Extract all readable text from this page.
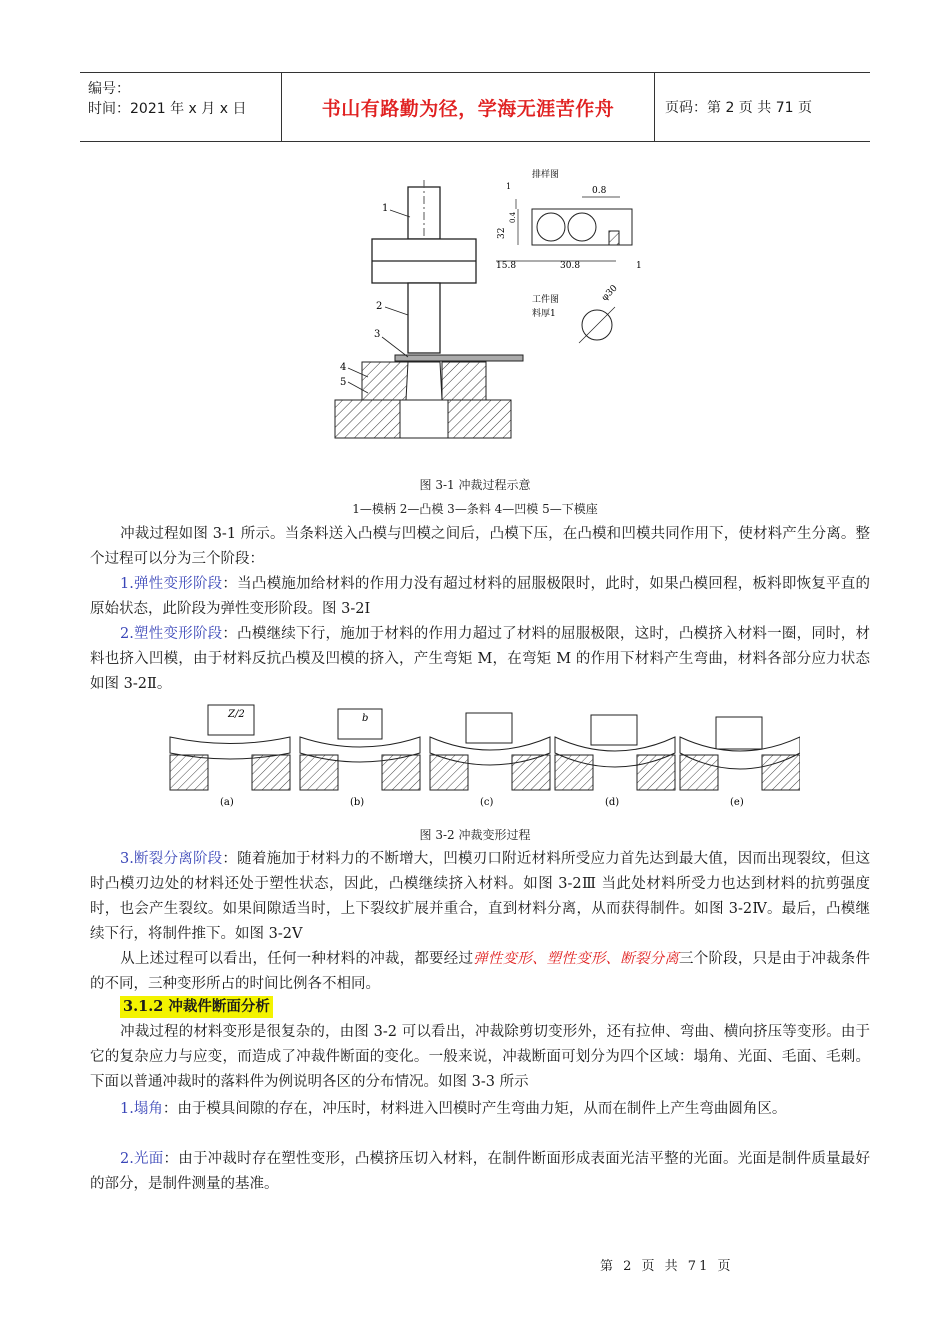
编号：
时间：2021 年 x 月 x 日	书山有路勤为径，学海无涯苦作舟	页码：第 2 页 共 71 页
1
2
3
4
5
排样图
1	0.8
32
0.4
15.8	30.8	1
工件图
料厚1
φ30
图 3-1 冲裁过程示意
1—模柄 2—凸模 3—条料 4—凹模 5—下模座
冲裁过程如图 3-1 所示。当条料送入凸模与凹模之间后，凸模下压，在凸模和凹模共同作用下，使材料产生分离。整个过程可以分为三个阶段：
1.弹性变形阶段：当凸模施加给材料的作用力没有超过材料的屈服极限时，此时，如果凸模回程，板料即恢复平直的原始状态，此阶段为弹性变形阶段。图 3-2Ⅰ
2.塑性变形阶段：凸模继续下行，施加于材料的作用力超过了材料的屈服极限，这时，凸模挤入材料一圈，同时，材料也挤入凹模，由于材料反抗凸模及凹模的挤入，产生弯矩 M，在弯矩 M 的作用下材料产生弯曲，材料各部分应力状态如图 3-2Ⅱ。
Z/2
(a)
b
(b)	(c)	(d)	(e)
图 3-2 冲裁变形过程
3.断裂分离阶段：随着施加于材料力的不断增大，凹模刃口附近材料所受应力首先达到最大值，因而出现裂纹，但这时凸模刃边处的材料还处于塑性状态，因此，凸模继续挤入材料。如图 3-2Ⅲ 当此处材料所受力也达到材料的抗剪强度时，也会产生裂纹。如果间隙适当时，上下裂纹扩展并重合，直到材料分离，从而获得制件。如图 3-2Ⅳ。最后，凸模继续下行，将制件推下。如图 3-2Ⅴ
从上述过程可以看出，任何一种材料的冲裁，都要经过弹性变形、塑性变形、断裂分离三个阶段，只是由于冲裁条件的不同，三种变形所占的时间比例各不相同。
3.1.2 冲裁件断面分析
冲裁过程的材料变形是很复杂的，由图 3-2 可以看出，冲裁除剪切变形外，还有拉伸、弯曲、横向挤压等变形。由于它的复杂应力与应变，而造成了冲裁件断面的变化。一般来说，冲裁断面可划分为四个区域：塌角、光面、毛面、毛刺。下面以普通冲裁时的落料件为例说明各区的分布情况。如图 3-3 所示
1.塌角：由于模具间隙的存在，冲压时，材料进入凹模时产生弯曲力矩，从而在制件上产生弯曲圆角区。
2.光面：由于冲裁时存在塑性变形，凸模挤压切入材料，在制件断面形成表面光洁平整的光面。光面是制件质量最好的部分，是制件测量的基准。
第 2 页 共 71 页
